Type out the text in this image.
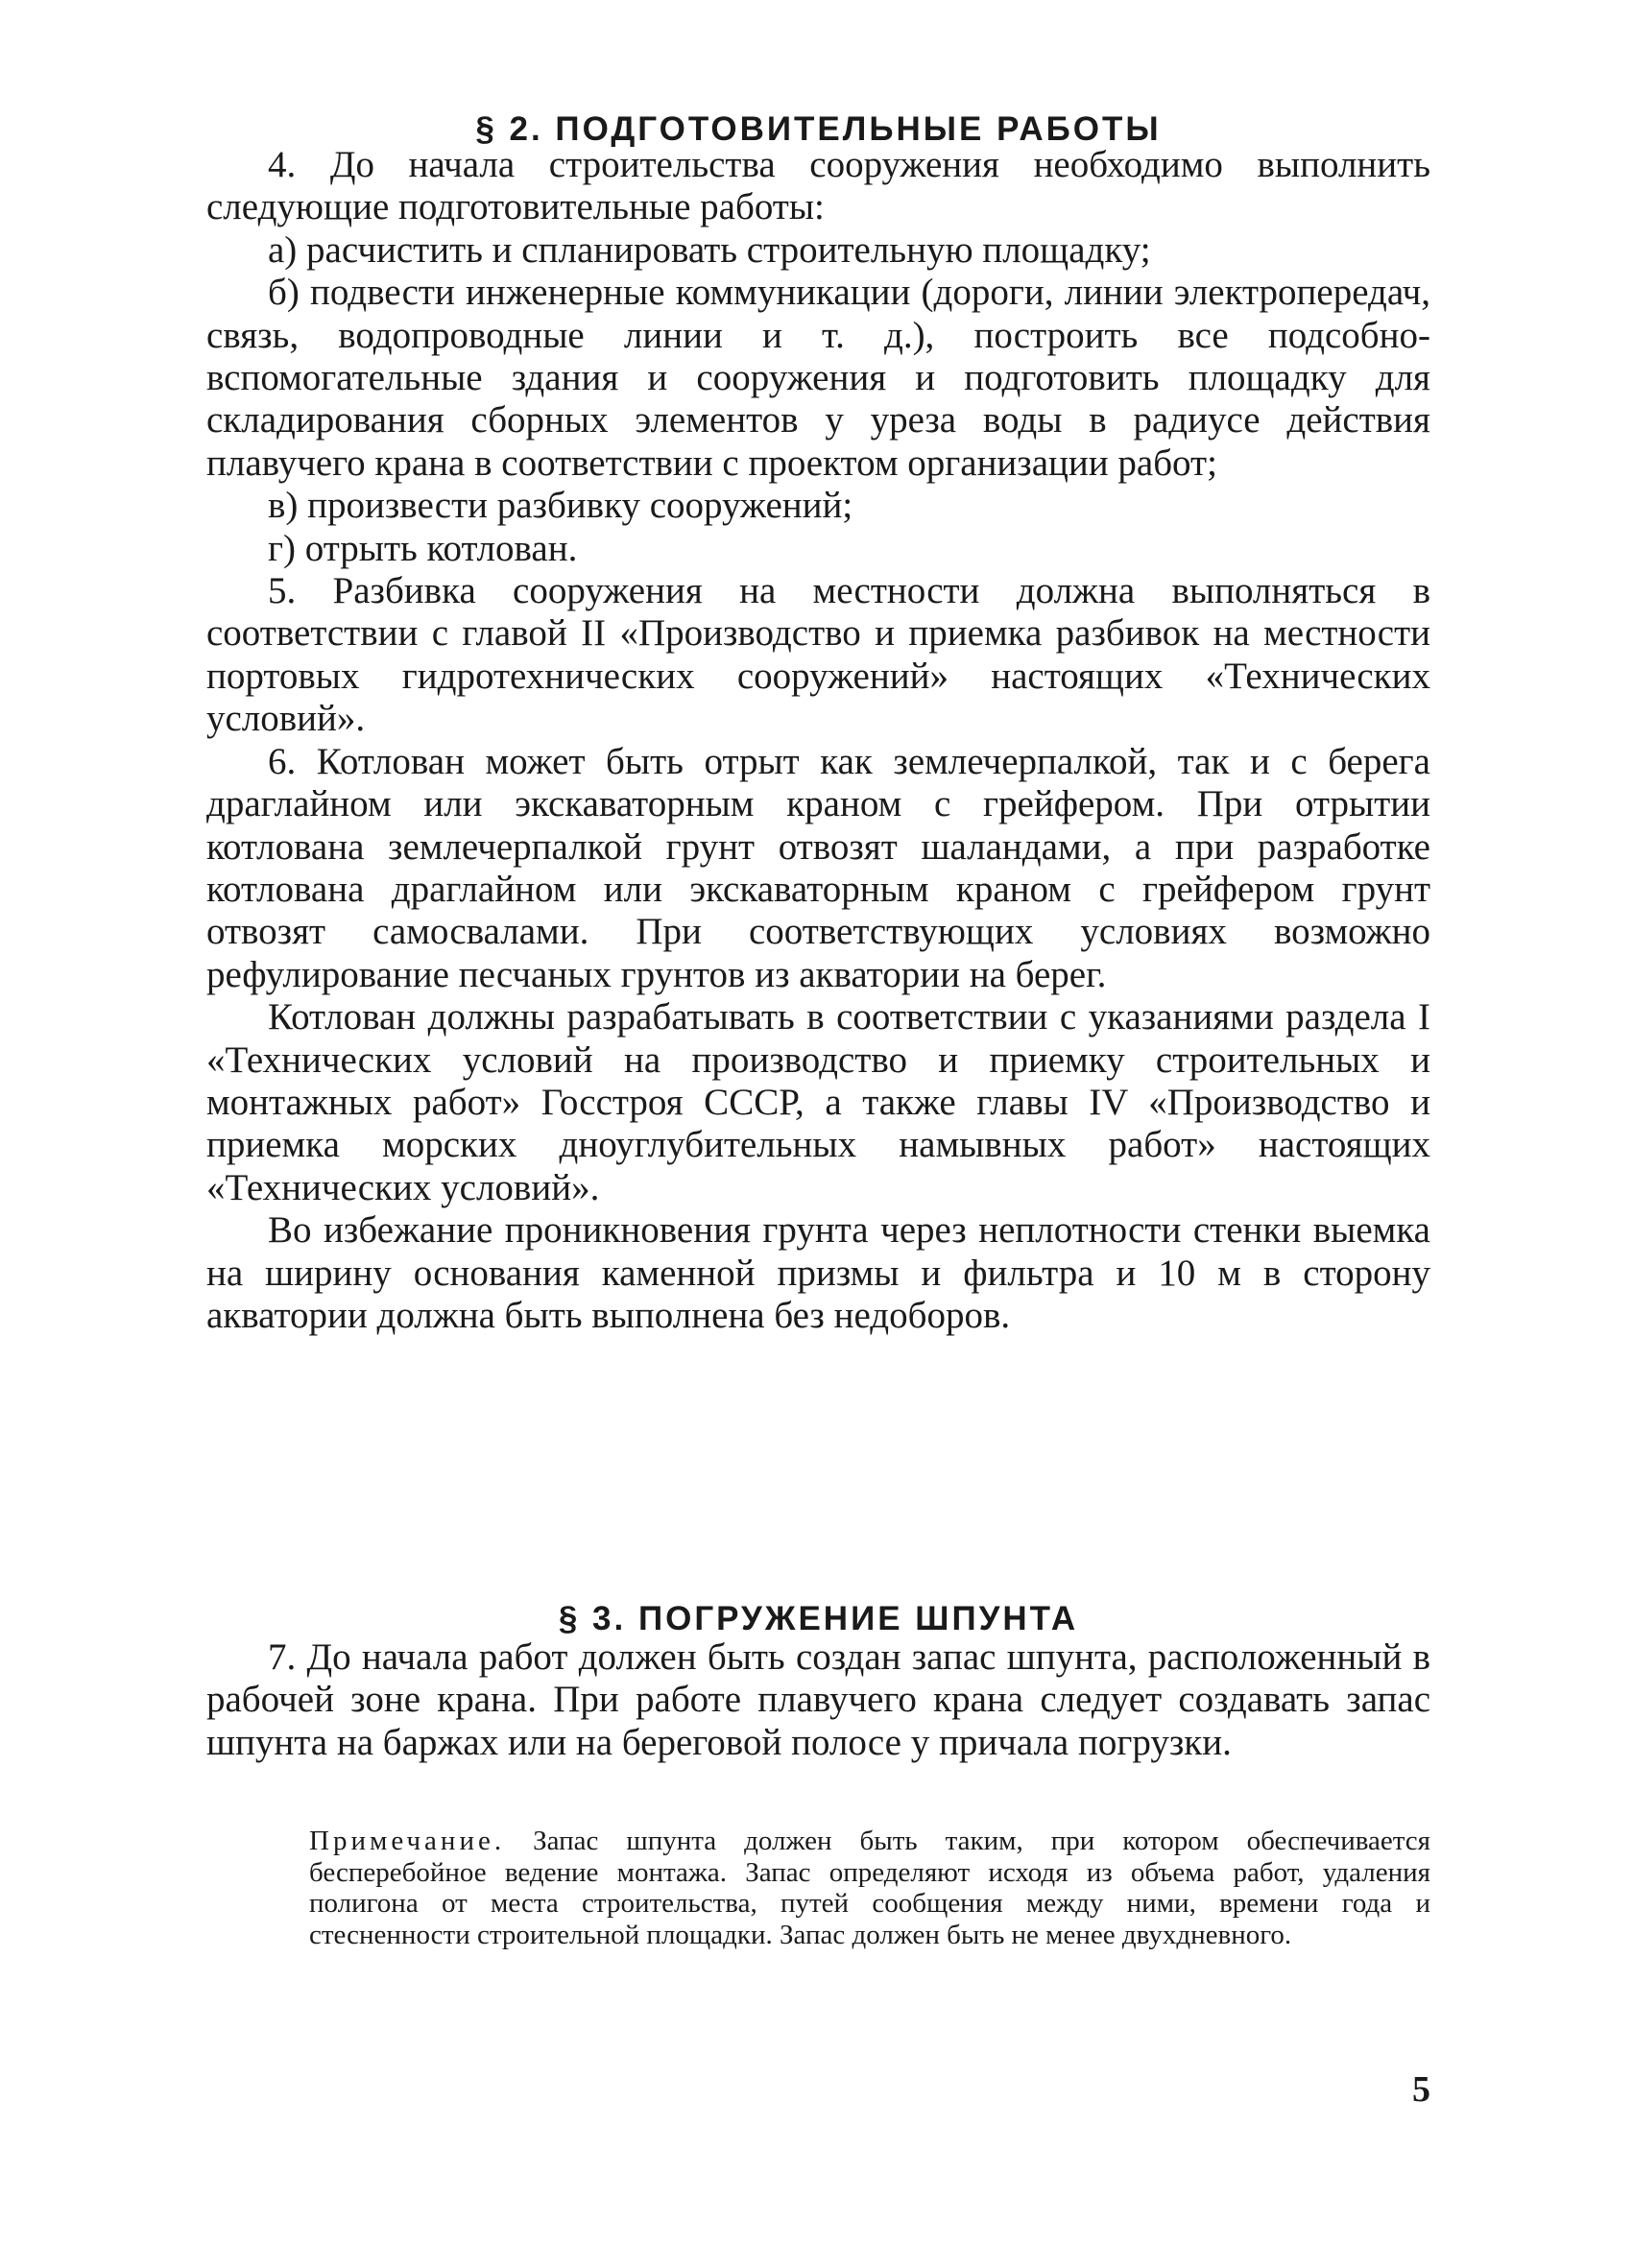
§ 2. ПОДГОТОВИТЕЛЬНЫЕ РАБОТЫ

4. До начала строительства сооружения необходимо выполнить следующие подготовительные работы:

а) расчистить и спланировать строительную площадку;

б) подвести инженерные коммуникации (дороги, линии электропередач, связь, водопроводные линии и т. д.), построить все подсобно-вспомогательные здания и сооружения и подготовить площадку для складирования сборных элементов у уреза воды в радиусе действия плавучего крана в соответствии с проектом организации работ;

в) произвести разбивку сооружений;

г) отрыть котлован.

5. Разбивка сооружения на местности должна выполняться в соответствии с главой II «Производство и приемка разбивок на местности портовых гидротехнических сооружений» настоящих «Технических условий».

6. Котлован может быть отрыт как землечерпалкой, так и с берега драглайном или экскаваторным краном с грейфером. При отрытии котлована землечерпалкой грунт отвозят шаландами, а при разработке котлована драглайном или экскаваторным краном с грейфером грунт отвозят самосвалами. При соответствующих условиях возможно рефулирование песчаных грунтов из акватории на берег.

Котлован должны разрабатывать в соответствии с указаниями раздела I «Технических условий на производство и приемку строительных и монтажных работ» Госстроя СССР, а также главы IV «Производство и приемка морских дноуглубительных намывных работ» настоящих «Технических условий».

Во избежание проникновения грунта через неплотности стенки выемка на ширину основания каменной призмы и фильтра и 10 м в сторону акватории должна быть выполнена без недоборов.

§ 3. ПОГРУЖЕНИЕ ШПУНТА

7. До начала работ должен быть создан запас шпунта, расположенный в рабочей зоне крана. При работе плавучего крана следует создавать запас шпунта на баржах или на береговой полосе у причала погрузки.

Примечание. Запас шпунта должен быть таким, при котором обеспечивается бесперебойное ведение монтажа. Запас определяют исходя из объема работ, удаления полигона от места строительства, путей сообщения между ними, времени года и стесненности строительной площадки. Запас должен быть не менее двухдневного.

5
